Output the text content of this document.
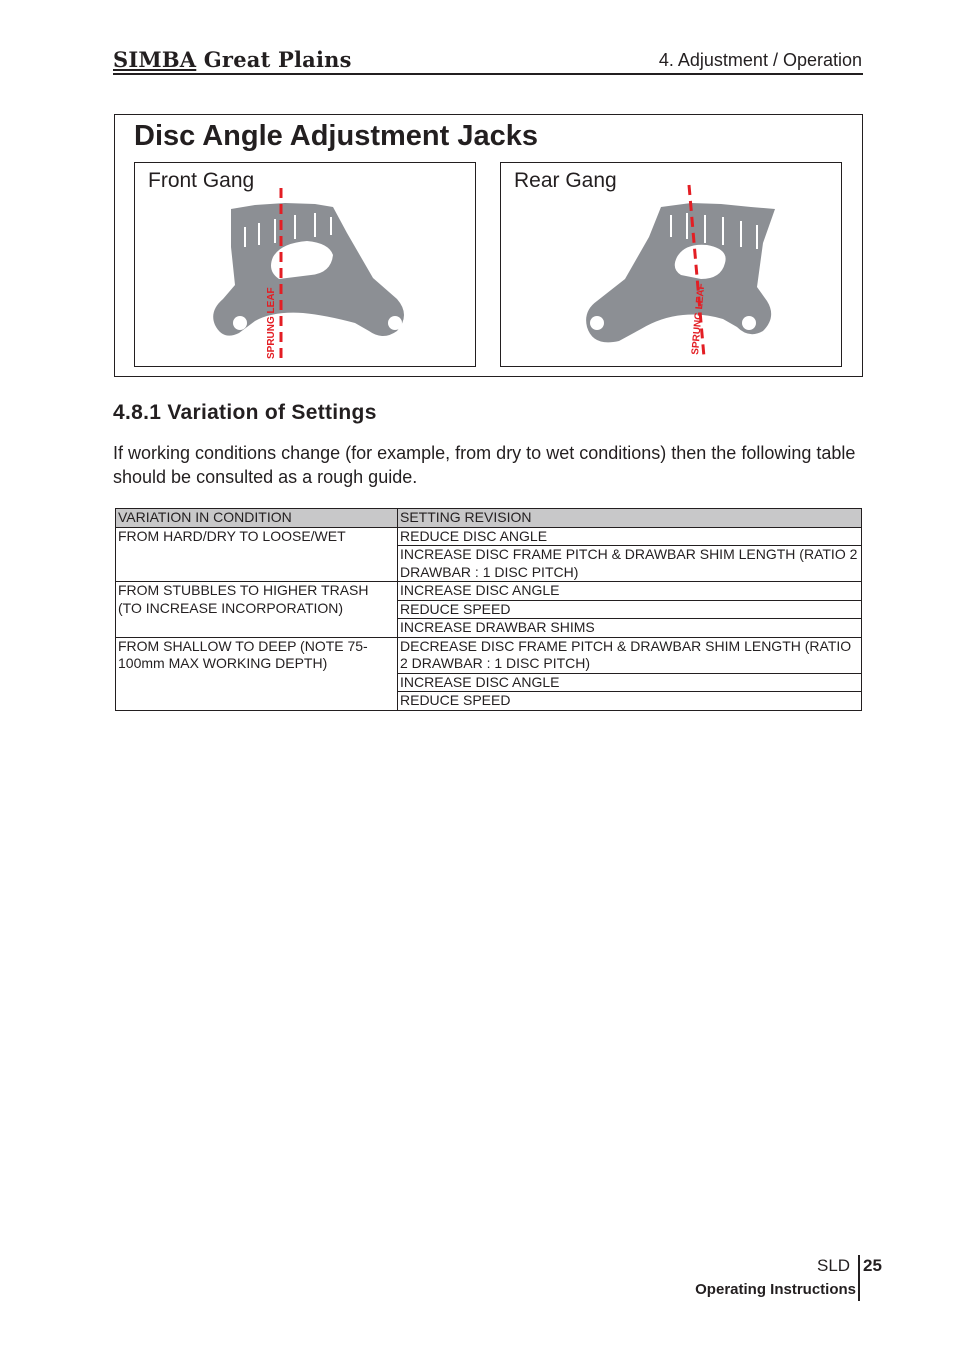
SIMBA Great Plains	4. Adjustment / Operation
Disc Angle Adjustment Jacks
SPRUNG LEAF
Front Gang
SPRUNG LEAF
Rear Gang
4.8.1 Variation of Settings
If working conditions change (for example, from dry to wet conditions) then the following table should be consulted as a rough guide.
VARIATION IN CONDITION	SETTING REVISION
FROM HARD/DRY TO LOOSE/WET	REDUCE DISC ANGLE
	INCREASE DISC FRAME PITCH & DRAWBAR SHIM LENGTH (RATIO 2 DRAWBAR : 1 DISC PITCH)
FROM STUBBLES TO HIGHER TRASH (TO INCREASE INCORPORATION)	INCREASE DISC ANGLE
	REDUCE SPEED
	INCREASE DRAWBAR SHIMS
FROM SHALLOW TO DEEP (NOTE 75-100mm MAX WORKING DEPTH)	DECREASE DISC FRAME PITCH & DRAWBAR SHIM LENGTH (RATIO 2 DRAWBAR : 1 DISC PITCH)
	INCREASE DISC ANGLE
	REDUCE SPEED
SLD 25
Operating Instructions
